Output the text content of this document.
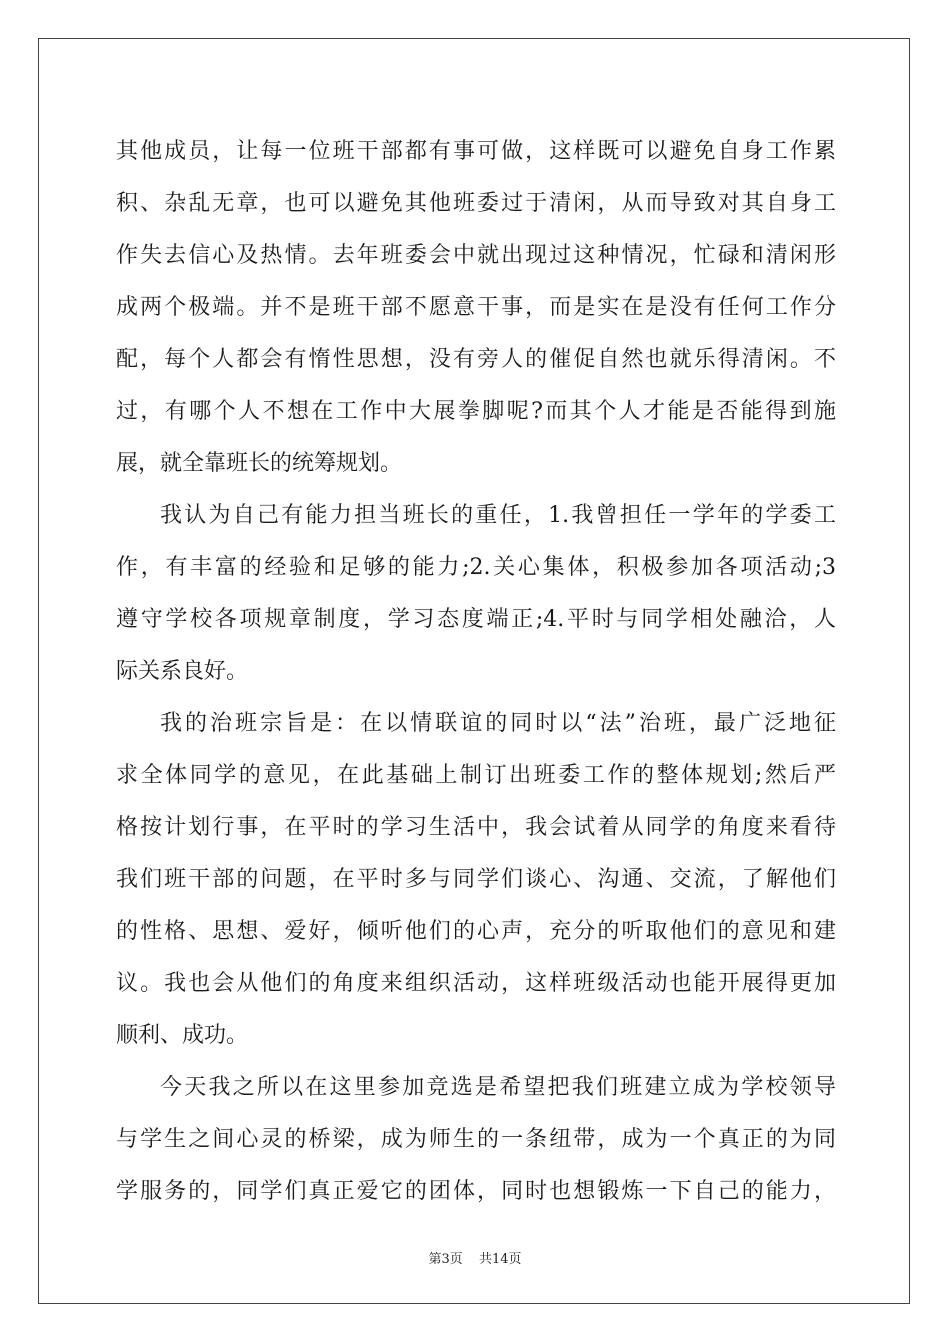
其他成员，让每一位班干部都有事可做，这样既可以避免自身工作累
积、杂乱无章，也可以避免其他班委过于清闲，从而导致对其自身工
作失去信心及热情。去年班委会中就出现过这种情况，忙碌和清闲形
成两个极端。并不是班干部不愿意干事，而是实在是没有任何工作分
配，每个人都会有惰性思想，没有旁人的催促自然也就乐得清闲。不
过，有哪个人不想在工作中大展拳脚呢?而其个人才能是否能得到施
展，就全靠班长的统筹规划。
我认为自己有能力担当班长的重任，1.我曾担任一学年的学委工
作，有丰富的经验和足够的能力;2.关心集体，积极参加各项活动;3
遵守学校各项规章制度，学习态度端正;4.平时与同学相处融洽，人
际关系良好。
我的治班宗旨是：在以情联谊的同时以“法”治班，最广泛地征
求全体同学的意见，在此基础上制订出班委工作的整体规划;然后严
格按计划行事，在平时的学习生活中，我会试着从同学的角度来看待
我们班干部的问题，在平时多与同学们谈心、沟通、交流，了解他们
的性格、思想、爱好，倾听他们的心声，充分的听取他们的意见和建
议。我也会从他们的角度来组织活动，这样班级活动也能开展得更加
顺利、成功。
今天我之所以在这里参加竞选是希望把我们班建立成为学校领导
与学生之间心灵的桥梁，成为师生的一条纽带，成为一个真正的为同
学服务的，同学们真正爱它的团体，同时也想锻炼一下自己的能力，
第3页 共14页
